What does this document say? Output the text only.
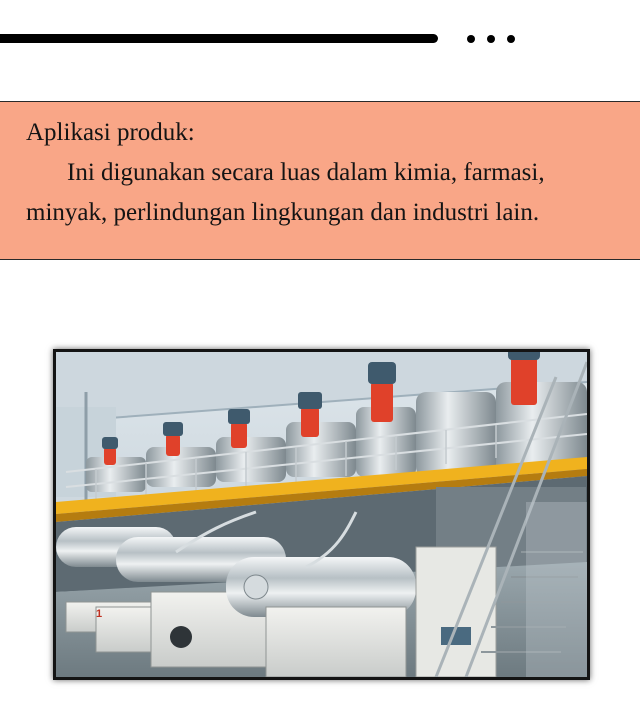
Aplikasi produk:
Ini digunakan secara luas dalam kimia, farmasi,
minyak, perlindungan lingkungan dan industri lain.
1
